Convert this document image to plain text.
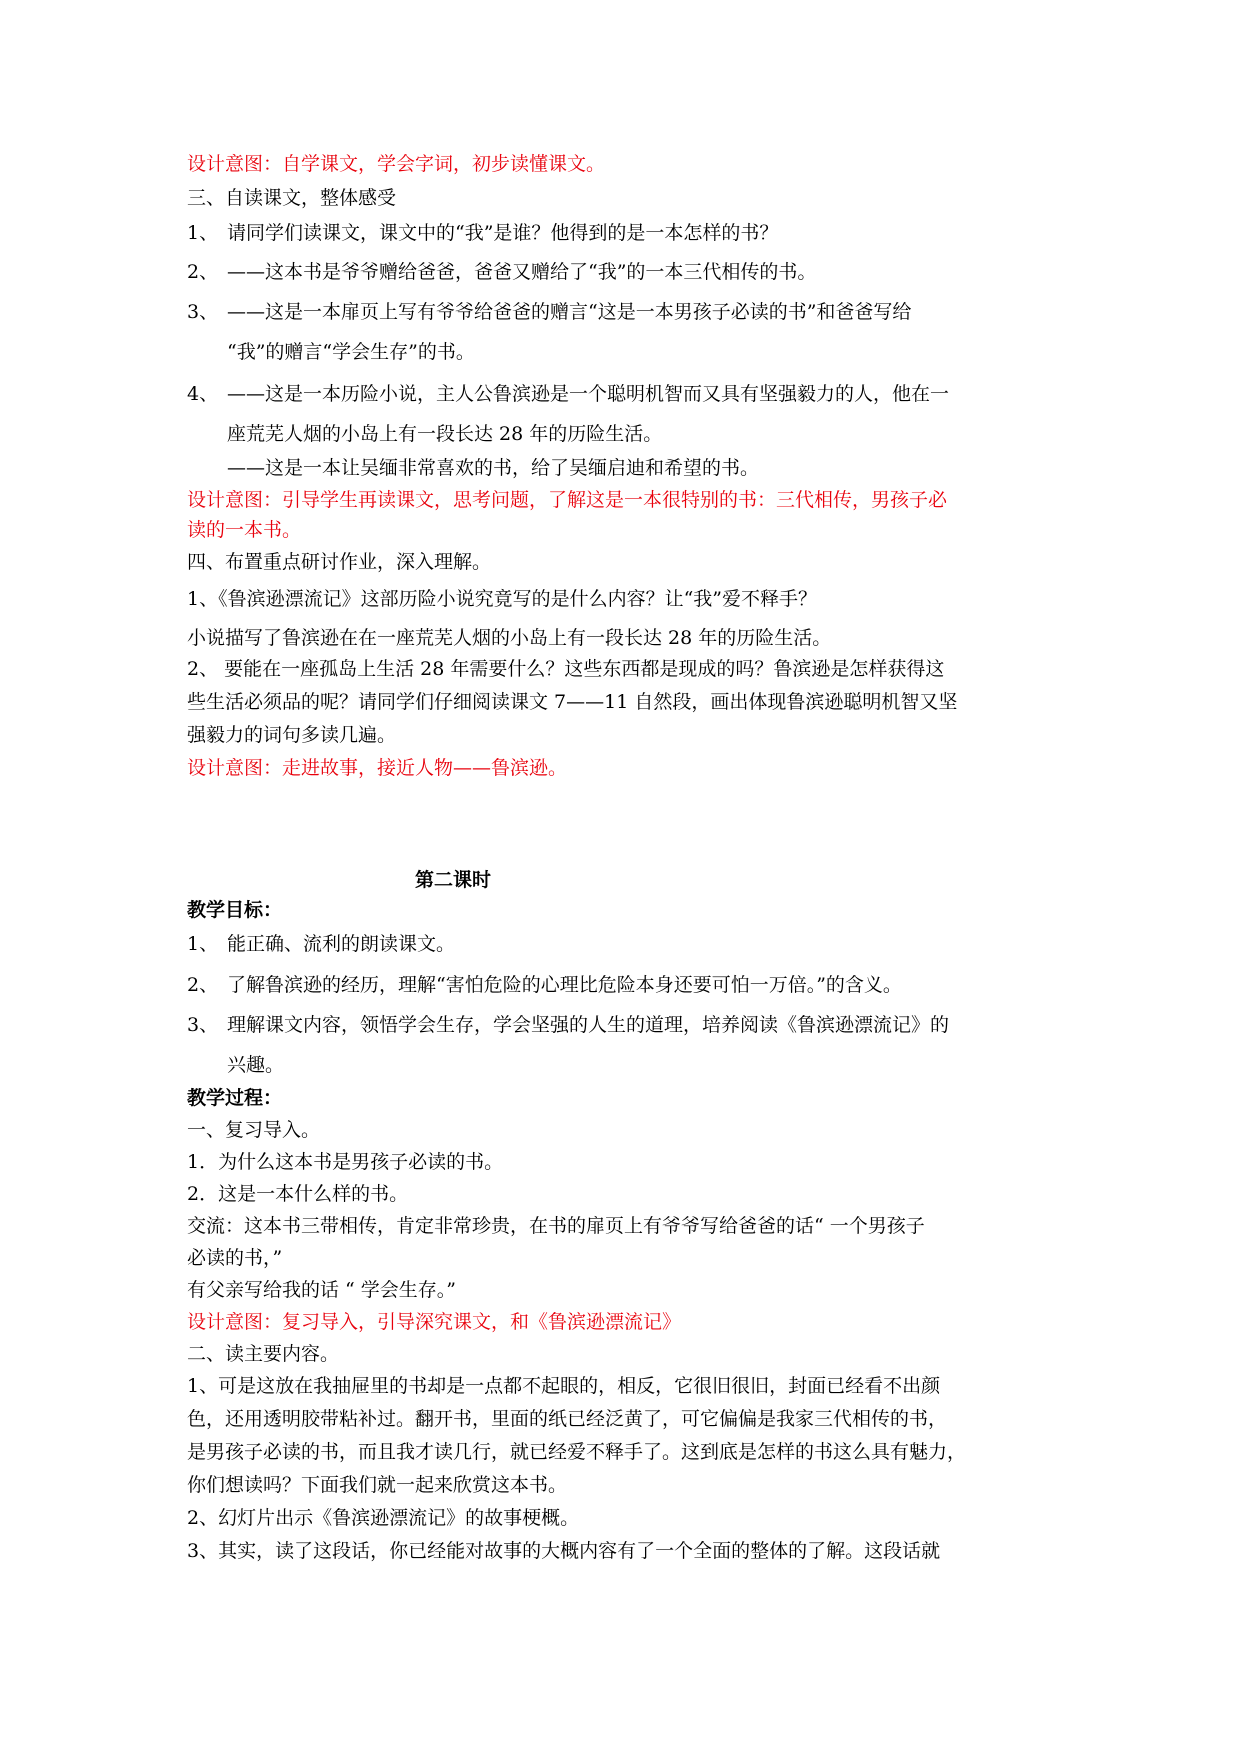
设计意图：自学课文，学会字词，初步读懂课文。
三、自读课文，整体感受
1、 请同学们读课文，课文中的“我”是谁？他得到的是一本怎样的书？
2、 ——这本书是爷爷赠给爸爸，爸爸又赠给了“我”的一本三代相传的书。
3、 ——这是一本扉页上写有爷爷给爸爸的赠言“这是一本男孩子必读的书”和爸爸写给
“我”的赠言“学会生存”的书。
4、 ——这是一本历险小说，主人公鲁滨逊是一个聪明机智而又具有坚强毅力的人，他在一
座荒芜人烟的小岛上有一段长达 28 年的历险生活。
——这是一本让吴缅非常喜欢的书，给了吴缅启迪和希望的书。
设计意图：引导学生再读课文，思考问题，了解这是一本很特别的书：三代相传，男孩子必
读的一本书。
四、布置重点研讨作业，深入理解。
1、《鲁滨逊漂流记》这部历险小说究竟写的是什么内容？让“我”爱不释手？
小说描写了鲁滨逊在在一座荒芜人烟的小岛上有一段长达 28 年的历险生活。
2、 要能在一座孤岛上生活 28 年需要什么？这些东西都是现成的吗？鲁滨逊是怎样获得这
些生活必须品的呢？请同学们仔细阅读课文 7——11 自然段，画出体现鲁滨逊聪明机智又坚
强毅力的词句多读几遍。
设计意图：走进故事，接近人物——鲁滨逊。
第二课时
教学目标：
1、 能正确、流利的朗读课文。
2、 了解鲁滨逊的经历，理解“害怕危险的心理比危险本身还要可怕一万倍。”的含义。
3、 理解课文内容，领悟学会生存，学会坚强的人生的道理，培养阅读《鲁滨逊漂流记》的
兴趣。
教学过程：
一、复习导入。
1．为什么这本书是男孩子必读的书。
2．这是一本什么样的书。
交流：这本书三带相传，肯定非常珍贵，在书的扉页上有爷爷写给爸爸的话“ 一个男孩子
必读的书，”
有父亲写给我的话 “ 学会生存。”
设计意图：复习导入，引导深究课文，和《鲁滨逊漂流记》
二、读主要内容。
1、可是这放在我抽屉里的书却是一点都不起眼的，相反，它很旧很旧，封面已经看不出颜
色，还用透明胶带粘补过。翻开书，里面的纸已经泛黄了，可它偏偏是我家三代相传的书，
是男孩子必读的书，而且我才读几行，就已经爱不释手了。这到底是怎样的书这么具有魅力，
你们想读吗？下面我们就一起来欣赏这本书。
2、幻灯片出示《鲁滨逊漂流记》的故事梗概。
3、其实，读了这段话，你已经能对故事的大概内容有了一个全面的整体的了解。这段话就
